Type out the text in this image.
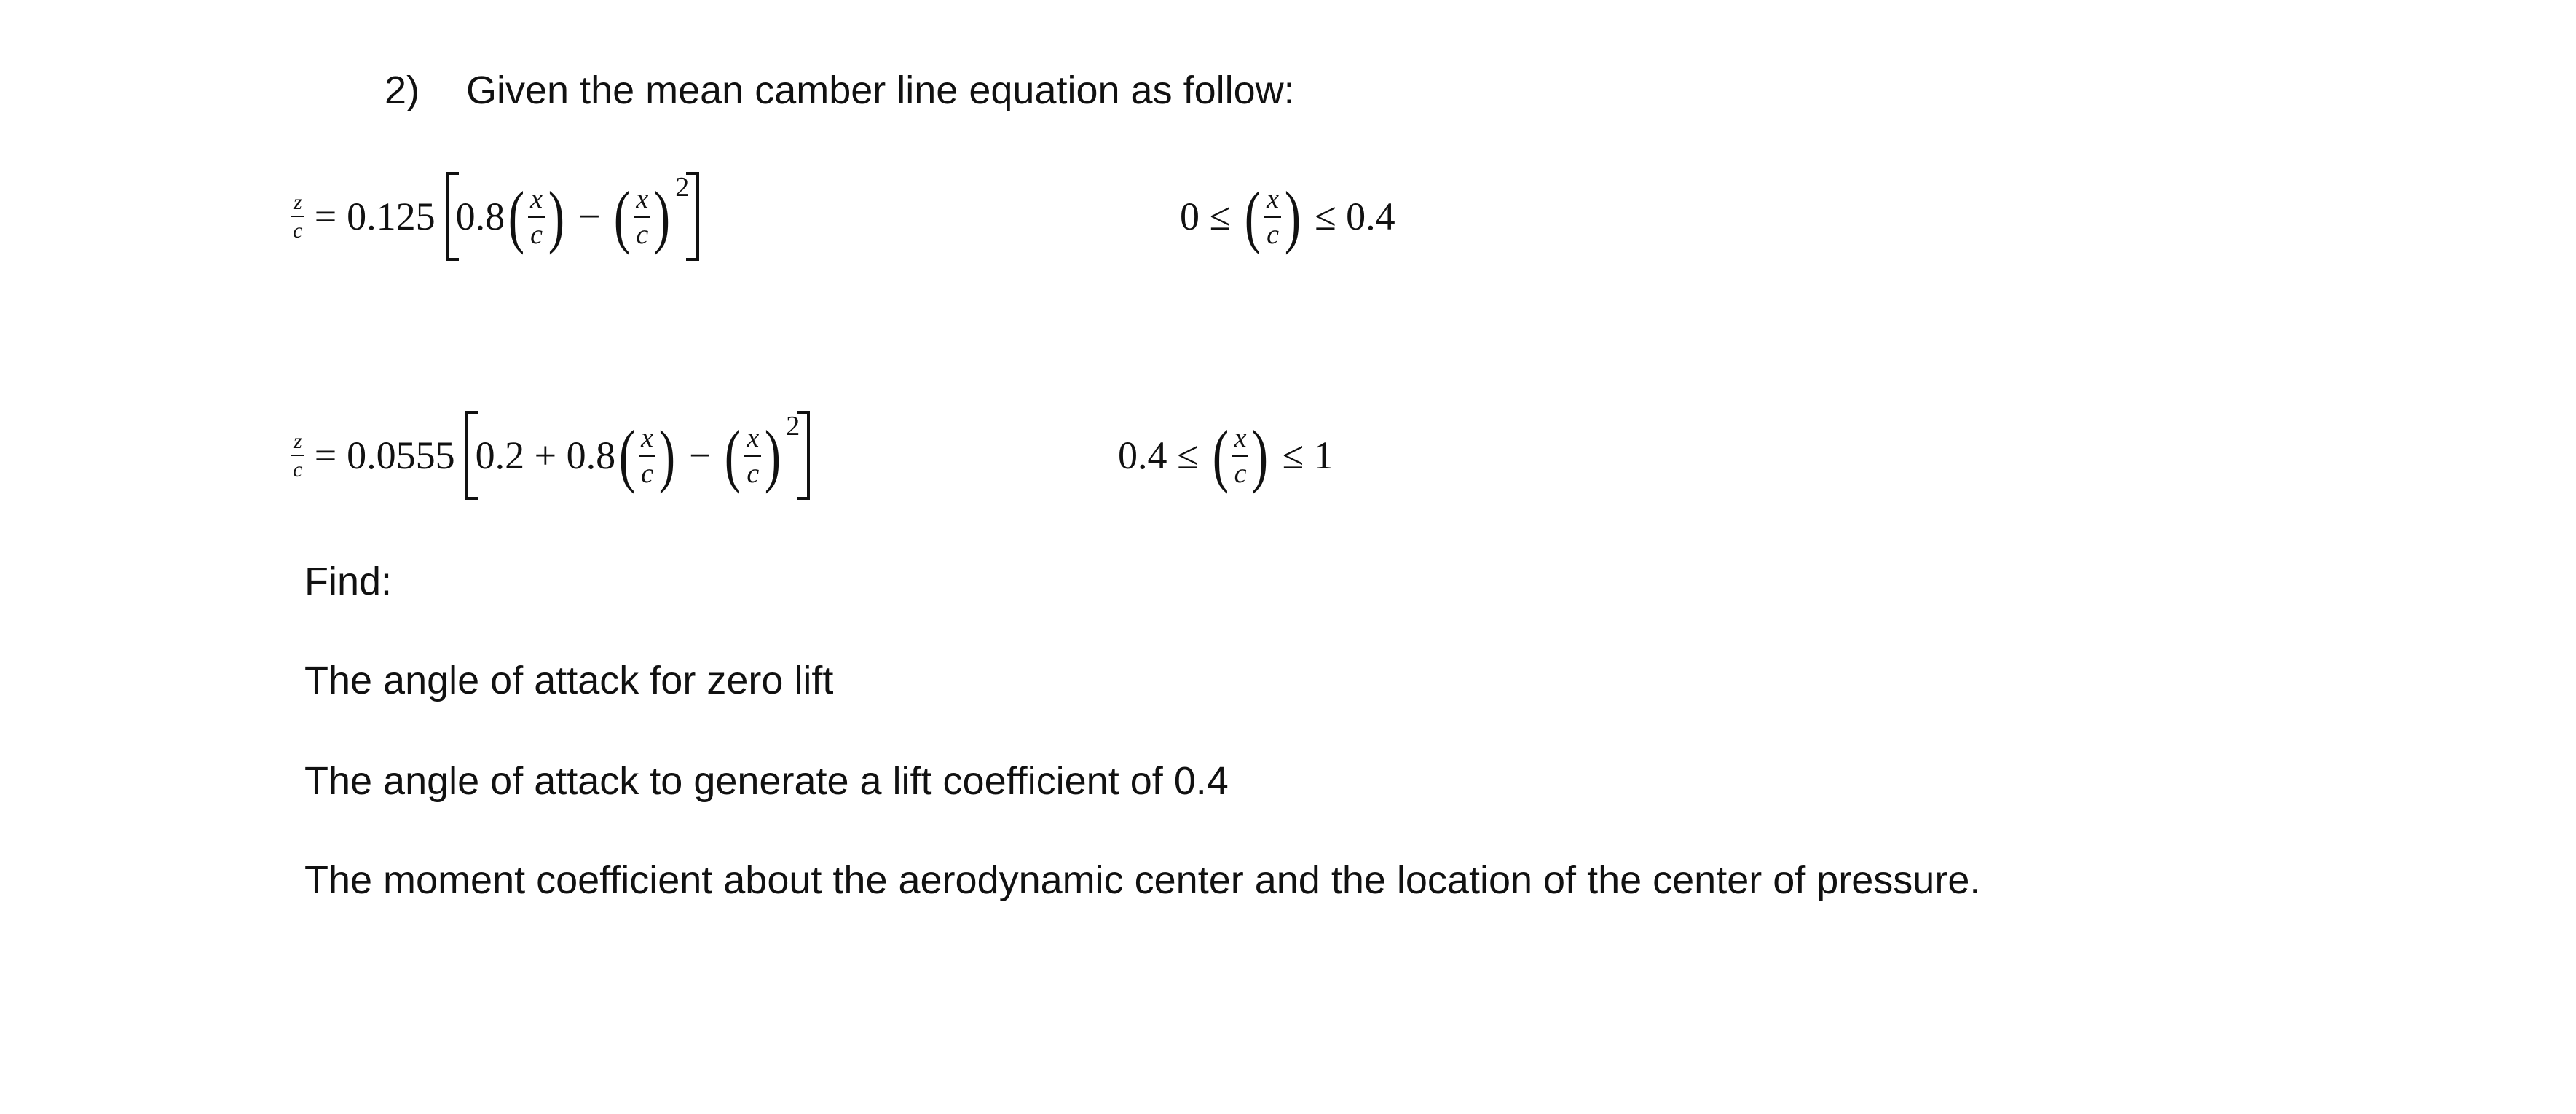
2) Given the mean camber line equation as follow:
$\frac{z}{c} = 0.125$ 0.8 ( $\frac{x}{c}$ ) − ( $\frac{x}{c}$ ) 2
0 ≤ ( $\frac{x}{c}$ ) ≤ 0.4
$\frac{z}{c} = 0.0555$ 0.2 + 0.8 ( $\frac{x}{c}$ ) − ( $\frac{x}{c}$ ) 2
0.4 ≤ ( $\frac{x}{c}$ ) ≤ 1
Find:
The angle of attack for zero lift
The angle of attack to generate a lift coefficient of 0.4
The moment coefficient about the aerodynamic center and the location of the center of pressure.
